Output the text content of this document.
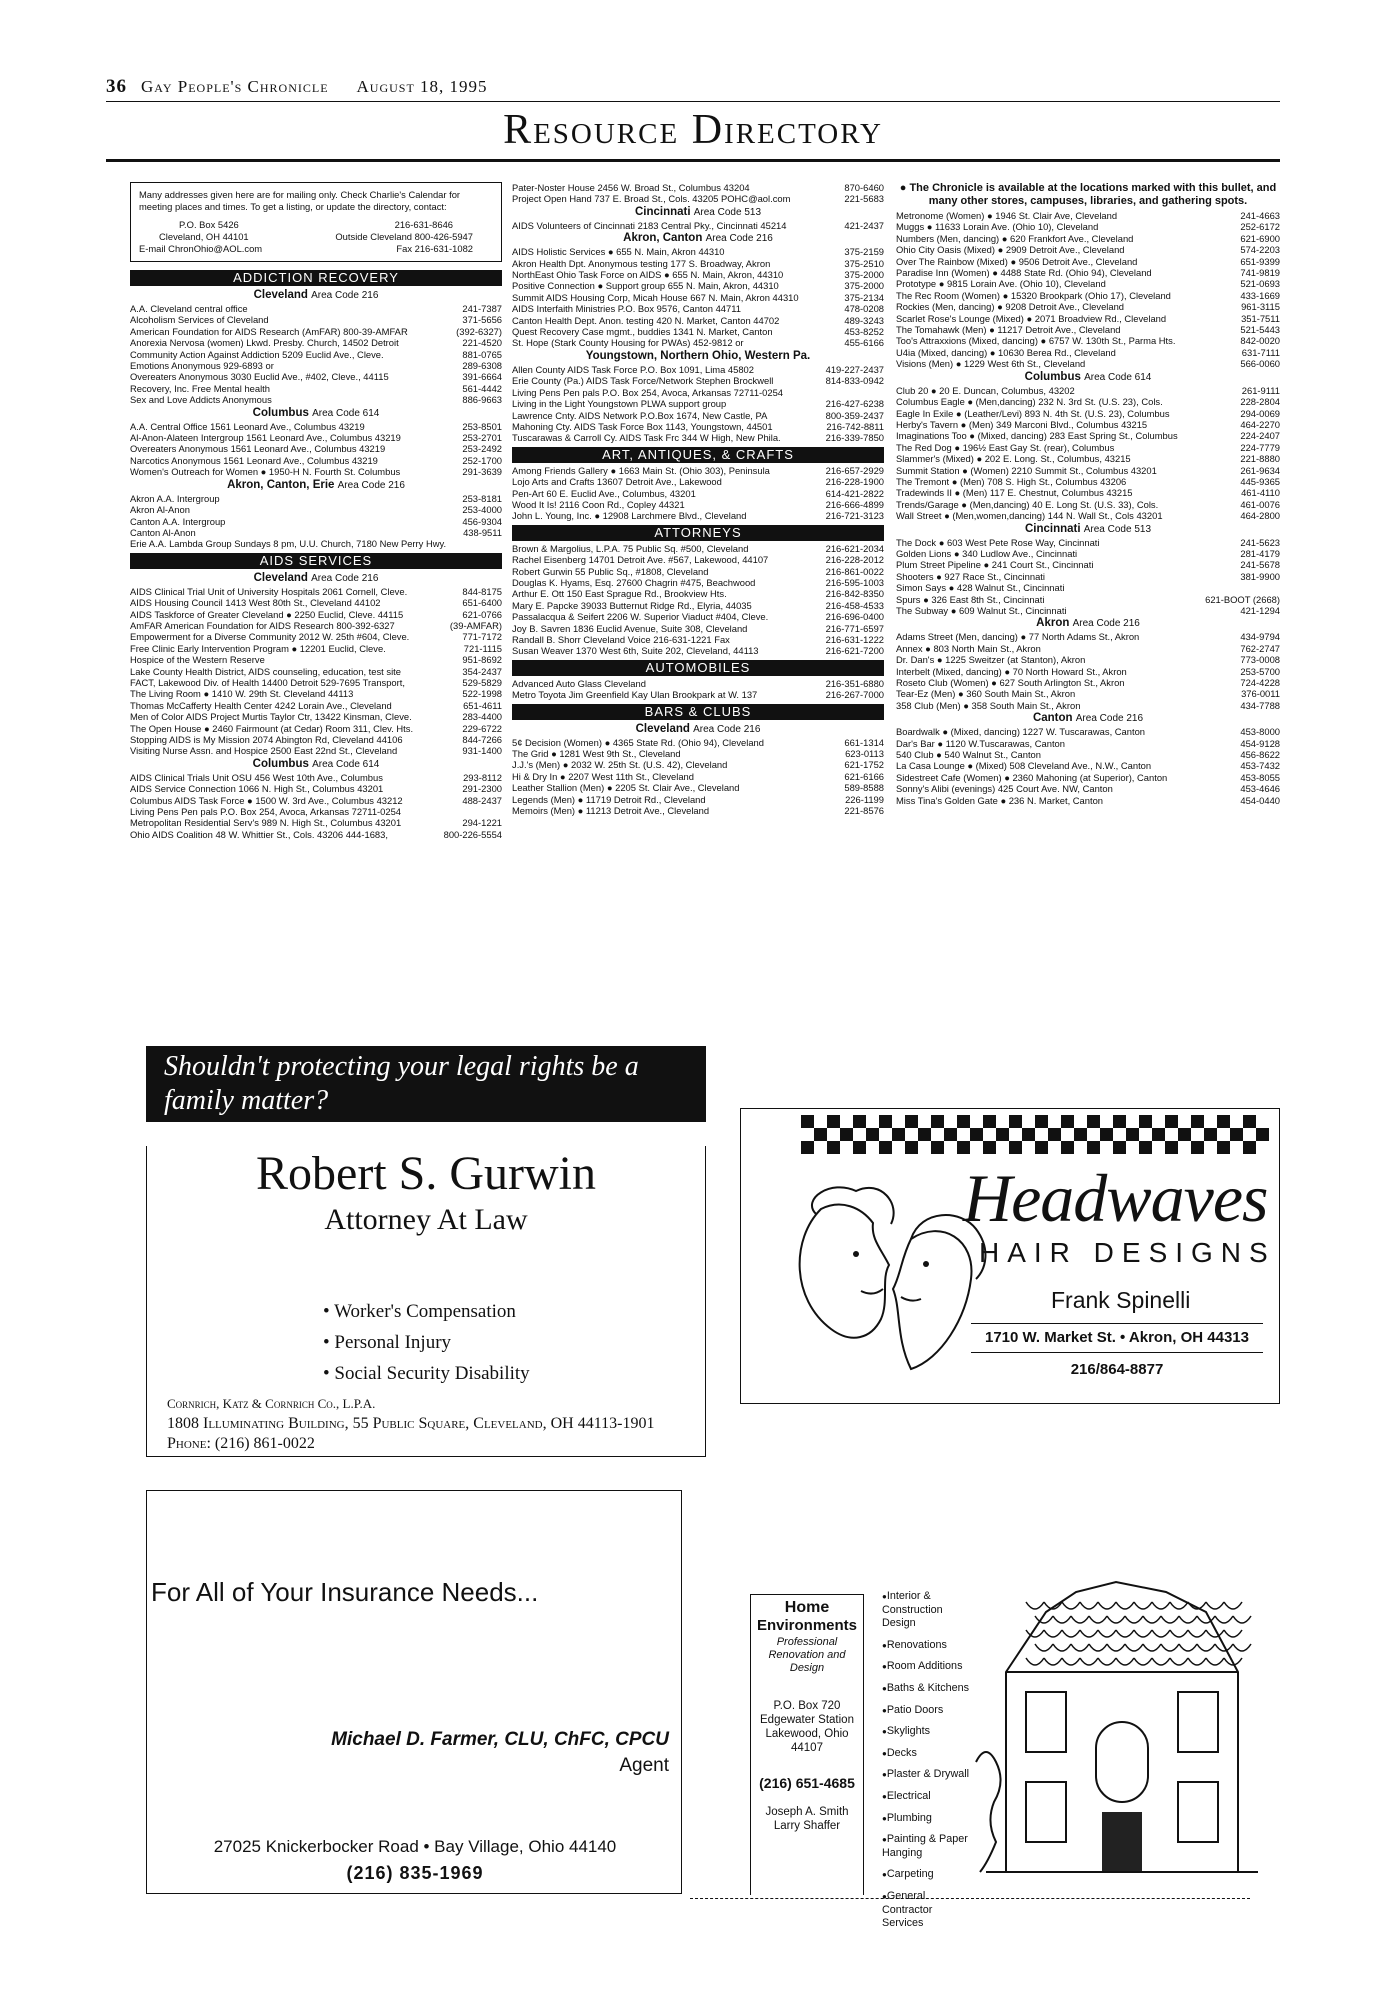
36 Gay People's Chronicle August 18, 1995
Resource Directory
Many addresses given here are for mailing only. Check Charlie's Calendar for meeting places and times. To get a listing, or update the directory, contact:
P.O. Box 5426	216-631-8646
Cleveland, OH 44101	Outside Cleveland 800-426-5947
E-mail ChronOhio@AOL.com	Fax 216-631-1082
ADDICTION RECOVERY
Cleveland Area Code 216
A.A. Cleveland central office	241-7387
Alcoholism Services of Cleveland	371-5656
American Foundation for AIDS Research (AmFAR) 800-39-AMFAR	(392-6327)
Anorexia Nervosa (women) Lkwd. Presby. Church, 14502 Detroit	221-4520
Community Action Against Addiction 5209 Euclid Ave., Cleve.	881-0765
Emotions Anonymous 929-6893 or	289-6308
Overeaters Anonymous 3030 Euclid Ave., #402, Cleve., 44115	391-6664
Recovery, Inc. Free Mental health	561-4442
Sex and Love Addicts Anonymous	886-9663
Columbus Area Code 614
A.A. Central Office 1561 Leonard Ave., Columbus 43219	253-8501
Al-Anon-Alateen Intergroup 1561 Leonard Ave., Columbus 43219	253-2701
Overeaters Anonymous 1561 Leonard Ave., Columbus 43219	253-2492
Narcotics Anonymous 1561 Leonard Ave., Columbus 43219	252-1700
Women's Outreach for Women ● 1950-H N. Fourth St. Columbus	291-3639
Akron, Canton, Erie Area Code 216
Akron A.A. Intergroup	253-8181
Akron Al-Anon	253-4000
Canton A.A. Intergroup	456-9304
Canton Al-Anon	438-9511
Erie A.A. Lambda Group Sundays 8 pm, U.U. Church, 7180 New Perry Hwy.
AIDS SERVICES
Cleveland Area Code 216
AIDS Clinical Trial Unit of University Hospitals 2061 Cornell, Cleve.	844-8175
AIDS Housing Council 1413 West 80th St., Cleveland 44102	651-6400
AIDS Taskforce of Greater Cleveland ● 2250 Euclid, Cleve. 44115	621-0766
AmFAR American Foundation for AIDS Research 800-392-6327	(39-AMFAR)
Empowerment for a Diverse Community 2012 W. 25th #604, Cleve.	771-7172
Free Clinic Early Intervention Program ● 12201 Euclid, Cleve.	721-1115
Hospice of the Western Reserve	951-8692
Lake County Health District, AIDS counseling, education, test site	354-2437
FACT, Lakewood Div. of Health 14400 Detroit 529-7695 Transport,	529-5829
The Living Room ● 1410 W. 29th St. Cleveland 44113	522-1998
Thomas McCafferty Health Center 4242 Lorain Ave., Cleveland	651-4611
Men of Color AIDS Project Murtis Taylor Ctr, 13422 Kinsman, Cleve.	283-4400
The Open House ● 2460 Fairmount (at Cedar) Room 311, Clev. Hts.	229-6722
Stopping AIDS is My Mission 2074 Abington Rd, Cleveland 44106	844-7266
Visiting Nurse Assn. and Hospice 2500 East 22nd St., Cleveland	931-1400
Columbus Area Code 614
AIDS Clinical Trials Unit OSU 456 West 10th Ave., Columbus	293-8112
AIDS Service Connection 1066 N. High St., Columbus 43201	291-2300
Columbus AIDS Task Force ● 1500 W. 3rd Ave., Columbus 43212	488-2437
Living Pens Pen pals P.O. Box 254, Avoca, Arkansas 72711-0254
Metropolitan Residential Serv's 989 N. High St., Columbus 43201	294-1221
Ohio AIDS Coalition 48 W. Whittier St., Cols. 43206 444-1683,	800-226-5554
Pater-Noster House 2456 W. Broad St., Columbus 43204	870-6460
Project Open Hand 737 E. Broad St., Cols. 43205 POHC@aol.com	221-5683
Cincinnati Area Code 513
AIDS Volunteers of Cincinnati 2183 Central Pky., Cincinnati 45214	421-2437
Akron, Canton Area Code 216
AIDS Holistic Services ● 655 N. Main, Akron 44310	375-2159
Akron Health Dpt. Anonymous testing 177 S. Broadway, Akron	375-2510
NorthEast Ohio Task Force on AIDS ● 655 N. Main, Akron, 44310	375-2000
Positive Connection ● Support group 655 N. Main, Akron, 44310	375-2000
Summit AIDS Housing Corp, Micah House 667 N. Main, Akron 44310	375-2134
AIDS Interfaith Ministries P.O. Box 9576, Canton 44711	478-0208
Canton Health Dept. Anon. testing 420 N. Market, Canton 44702	489-3243
Quest Recovery Case mgmt., buddies 1341 N. Market, Canton	453-8252
St. Hope (Stark County Housing for PWAs) 452-9812 or	455-6166
Youngstown, Northern Ohio, Western Pa.
Allen County AIDS Task Force P.O. Box 1091, Lima 45802	419-227-2437
Erie County (Pa.) AIDS Task Force/Network Stephen Brockwell	814-833-0942
Living Pens Pen pals P.O. Box 254, Avoca, Arkansas 72711-0254
Living in the Light Youngstown PLWA support group	216-427-6238
Lawrence Cnty. AIDS Network P.O.Box 1674, New Castle, PA	800-359-2437
Mahoning Cty. AIDS Task Force Box 1143, Youngstown, 44501	216-742-8811
Tuscarawas & Carroll Cy. AIDS Task Frc 344 W High, New Phila.	216-339-7850
ART, ANTIQUES, & CRAFTS
Among Friends Gallery ● 1663 Main St. (Ohio 303), Peninsula	216-657-2929
Lojo Arts and Crafts 13607 Detroit Ave., Lakewood	216-228-1900
Pen-Art 60 E. Euclid Ave., Columbus, 43201	614-421-2822
Wood It Is! 2116 Coon Rd., Copley 44321	216-666-4899
John L. Young, Inc. ● 12908 Larchmere Blvd., Cleveland	216-721-3123
ATTORNEYS
Brown & Margolius, L.P.A. 75 Public Sq. #500, Cleveland	216-621-2034
Rachel Eisenberg 14701 Detroit Ave. #567, Lakewood, 44107	216-228-2012
Robert Gurwin 55 Public Sq., #1808, Cleveland	216-861-0022
Douglas K. Hyams, Esq. 27600 Chagrin #475, Beachwood	216-595-1003
Arthur E. Ott 150 East Sprague Rd., Brookview Hts.	216-842-8350
Mary E. Papcke 39033 Butternut Ridge Rd., Elyria, 44035	216-458-4533
Passalacqua & Seifert 2206 W. Superior Viaduct #404, Cleve.	216-696-0400
Joy B. Savren 1836 Euclid Avenue, Suite 308, Cleveland	216-771-6597
Randall B. Shorr Cleveland Voice 216-631-1221 Fax	216-631-1222
Susan Weaver 1370 West 6th, Suite 202, Cleveland, 44113	216-621-7200
AUTOMOBILES
Advanced Auto Glass Cleveland	216-351-6880
Metro Toyota Jim Greenfield Kay Ulan Brookpark at W. 137	216-267-7000
BARS & CLUBS
Cleveland Area Code 216
5¢ Decision (Women) ● 4365 State Rd. (Ohio 94), Cleveland	661-1314
The Grid ● 1281 West 9th St., Cleveland	623-0113
J.J.'s (Men) ● 2032 W. 25th St. (U.S. 42), Cleveland	621-1752
Hi & Dry In ● 2207 West 11th St., Cleveland	621-6166
Leather Stallion (Men) ● 2205 St. Clair Ave., Cleveland	589-8588
Legends (Men) ● 11719 Detroit Rd., Cleveland	226-1199
Memoirs (Men) ● 11213 Detroit Ave., Cleveland	221-8576
● The Chronicle is available at the locations marked with this bullet, and many other stores, campuses, libraries, and gathering spots.
Metronome (Women) ● 1946 St. Clair Ave, Cleveland	241-4663
Muggs ● 11633 Lorain Ave. (Ohio 10), Cleveland	252-6172
Numbers (Men, dancing) ● 620 Frankfort Ave., Cleveland	621-6900
Ohio City Oasis (Mixed) ● 2909 Detroit Ave., Cleveland	574-2203
Over The Rainbow (Mixed) ● 9506 Detroit Ave., Cleveland	651-9399
Paradise Inn (Women) ● 4488 State Rd. (Ohio 94), Cleveland	741-9819
Prototype ● 9815 Lorain Ave. (Ohio 10), Cleveland	521-0693
The Rec Room (Women) ● 15320 Brookpark (Ohio 17), Cleveland	433-1669
Rockies (Men, dancing) ● 9208 Detroit Ave., Cleveland	961-3115
Scarlet Rose's Lounge (Mixed) ● 2071 Broadview Rd., Cleveland	351-7511
The Tomahawk (Men) ● 11217 Detroit Ave., Cleveland	521-5443
Too's Attraxxions (Mixed, dancing) ● 6757 W. 130th St., Parma Hts.	842-0020
U4ia (Mixed, dancing) ● 10630 Berea Rd., Cleveland	631-7111
Visions (Men) ● 1229 West 6th St., Cleveland	566-0060
Columbus Area Code 614
Club 20 ● 20 E. Duncan, Columbus, 43202	261-9111
Columbus Eagle ● (Men,dancing) 232 N. 3rd St. (U.S. 23), Cols.	228-2804
Eagle In Exile ● (Leather/Levi) 893 N. 4th St. (U.S. 23), Columbus	294-0069
Herby's Tavern ● (Men) 349 Marconi Blvd., Columbus 43215	464-2270
Imaginations Too ● (Mixed, dancing) 283 East Spring St., Columbus	224-2407
The Red Dog ● 196½ East Gay St. (rear), Columbus	224-7779
Slammer's (Mixed) ● 202 E. Long. St., Columbus, 43215	221-8880
Summit Station ● (Women) 2210 Summit St., Columbus 43201	261-9634
The Tremont ● (Men) 708 S. High St., Columbus 43206	445-9365
Tradewinds II ● (Men) 117 E. Chestnut, Columbus 43215	461-4110
Trends/Garage ● (Men,dancing) 40 E. Long St. (U.S. 33), Cols.	461-0076
Wall Street ● (Men,women,dancing) 144 N. Wall St., Cols 43201	464-2800
Cincinnati Area Code 513
The Dock ● 603 West Pete Rose Way, Cincinnati	241-5623
Golden Lions ● 340 Ludlow Ave., Cincinnati	281-4179
Plum Street Pipeline ● 241 Court St., Cincinnati	241-5678
Shooters ● 927 Race St., Cincinnati	381-9900
Simon Says ● 428 Walnut St., Cincinnati
Spurs ● 326 East 8th St., Cincinnati	621-BOOT (2668)
The Subway ● 609 Walnut St., Cincinnati	421-1294
Akron Area Code 216
Adams Street (Men, dancing) ● 77 North Adams St., Akron	434-9794
Annex ● 803 North Main St., Akron	762-2747
Dr. Dan's ● 1225 Sweitzer (at Stanton), Akron	773-0008
Interbelt (Mixed, dancing) ● 70 North Howard St., Akron	253-5700
Roseto Club (Women) ● 627 South Arlington St., Akron	724-4228
Tear-Ez (Men) ● 360 South Main St., Akron	376-0011
358 Club (Men) ● 358 South Main St., Akron	434-7788
Canton Area Code 216
Boardwalk ● (Mixed, dancing) 1227 W. Tuscarawas, Canton	453-8000
Dar's Bar ● 1120 W.Tuscarawas, Canton	454-9128
540 Club ● 540 Walnut St., Canton	456-8622
La Casa Lounge ● (Mixed) 508 Cleveland Ave., N.W., Canton	453-7432
Sidestreet Cafe (Women) ● 2360 Mahoning (at Superior), Canton	453-8055
Sonny's Alibi (evenings) 425 Court Ave. NW, Canton	453-4646
Miss Tina's Golden Gate ● 236 N. Market, Canton	454-0440
Shouldn't protecting your legal rights be a
family matter?
Robert S. Gurwin
Attorney At Law
• Worker's Compensation
• Personal Injury
• Social Security Disability
Cornrich, Katz & Cornrich Co., L.P.A.
1808 Illuminating Building, 55 Public Square, Cleveland, OH 44113-1901
Phone: (216) 861-0022
Headwaves
HAIR DESIGNS
Frank Spinelli
1710 W. Market St. • Akron, OH 44313
216/864-8877
For All of Your Insurance Needs...
Michael D. Farmer, CLU, ChFC, CPCU
Agent
27025 Knickerbocker Road • Bay Village, Ohio 44140
(216) 835-1969
Home
Environments
Professional Renovation and Design
P.O. Box 720
Edgewater Station
Lakewood, Ohio 44107
(216) 651-4685
Joseph A. Smith
Larry Shaffer
●Interior & Construction Design
●Renovations
●Room Additions
●Baths & Kitchens
●Patio Doors
●Skylights
●Decks
●Plaster & Drywall
●Electrical
●Plumbing
●Painting & Paper Hanging
●Carpeting
●General Contractor Services
